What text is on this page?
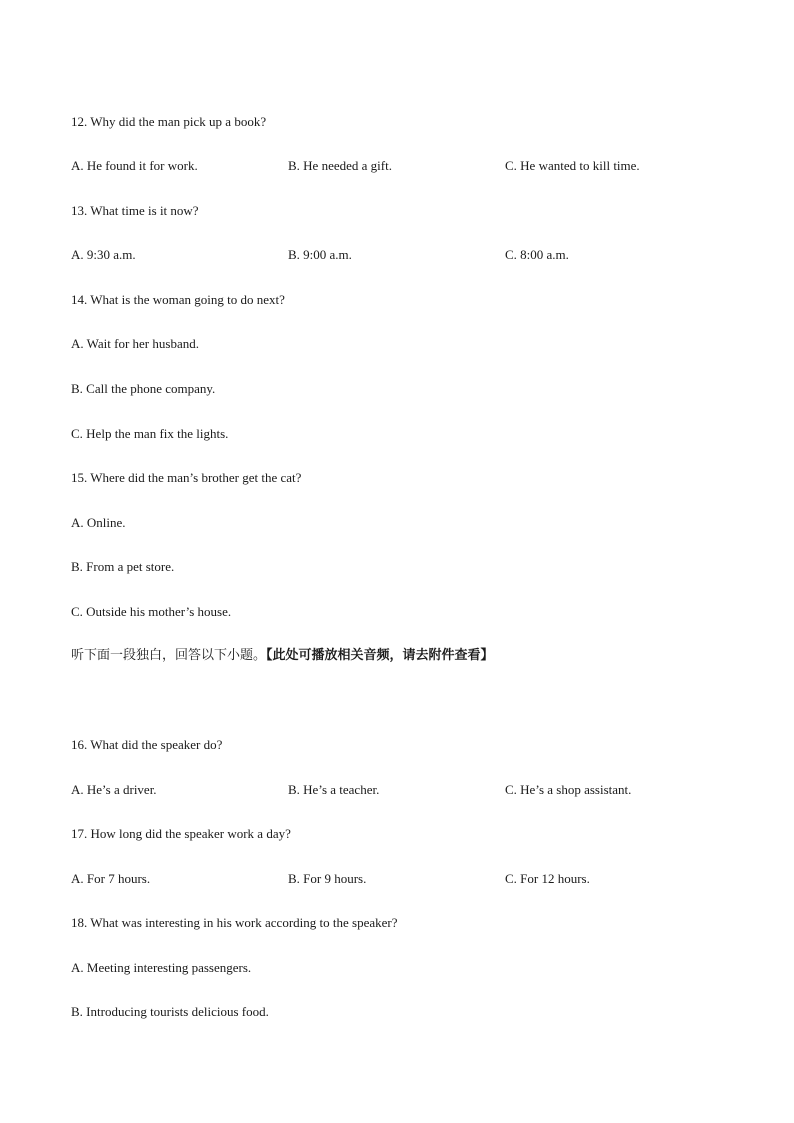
12. Why did the man pick up a book?
A. He found it for work.	B. He needed a gift.	C. He wanted to kill time.
13. What time is it now?
A. 9:30 a.m.	B. 9:00 a.m.	C. 8:00 a.m.
14. What is the woman going to do next?
A. Wait for her husband.
B. Call the phone company.
C. Help the man fix the lights.
15. Where did the man’s brother get the cat?
A. Online.
B. From a pet store.
C. Outside his mother’s house.
听下面一段独白，回答以下小题。【此处可播放相关音频，请去附件查看】
16. What did the speaker do?
A. He’s a driver.	B. He’s a teacher.	C. He’s a shop assistant.
17. How long did the speaker work a day?
A. For 7 hours.	B. For 9 hours.	C. For 12 hours.
18. What was interesting in his work according to the speaker?
A. Meeting interesting passengers.
B. Introducing tourists delicious food.
